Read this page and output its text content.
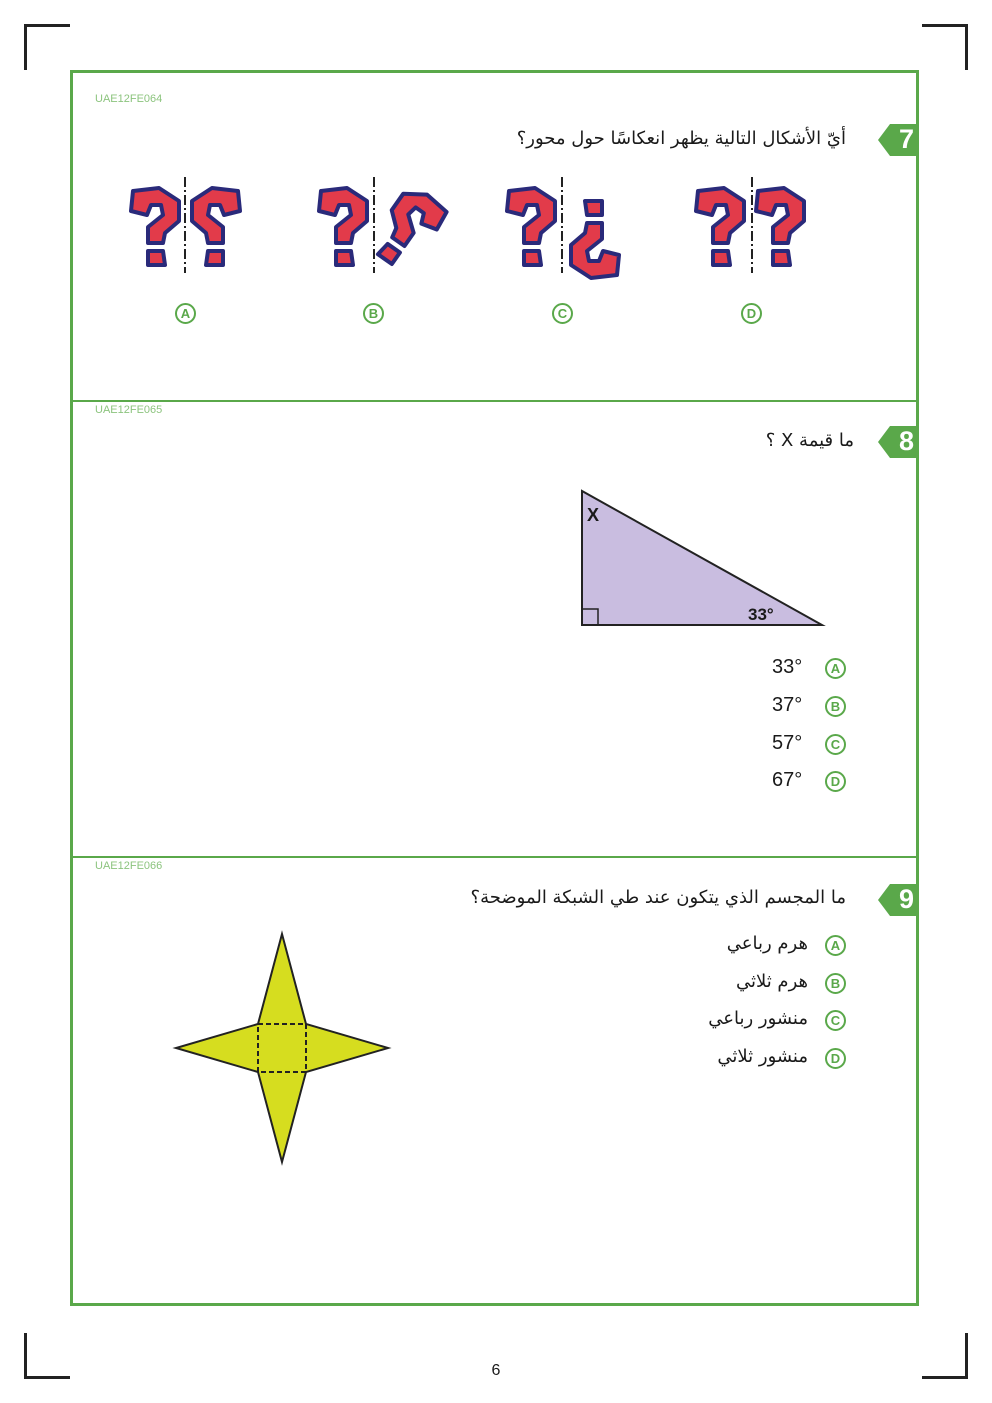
UAE12FE064
7
أيّ الأشكال التالية يظهر انعكاسًا حول محور؟
A	B	C	D
UAE12FE065
8
ما قيمة X ؟
X
33°
A
33°
B
37°
C
57°
D
67°
UAE12FE066
9
ما المجسم الذي يتكون عند طي الشبكة الموضحة؟
A
هرم رباعي
B
هرم ثلاثي
C
منشور رباعي
D
منشور ثلاثي
6
